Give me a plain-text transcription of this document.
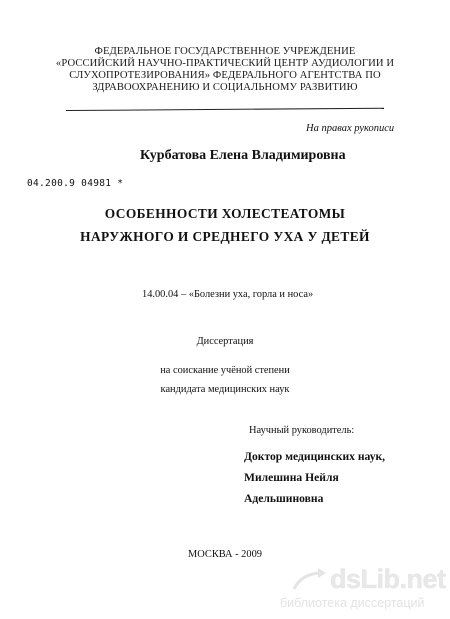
ФЕДЕРАЛЬНОЕ ГОСУДАРСТВЕННОЕ УЧРЕЖДЕНИЕ
«РОССИЙСКИЙ НАУЧНО-ПРАКТИЧЕСКИЙ ЦЕНТР АУДИОЛОГИИ И
СЛУХОПРОТЕЗИРОВАНИЯ» ФЕДЕРАЛЬНОГО АГЕНТСТВА ПО
ЗДРАВООХРАНЕНИЮ И СОЦИАЛЬНОМУ РАЗВИТИЮ
На правах рукописи
Курбатова Елена Владимировна
04.200.9 04981 *
ОСОБЕННОСТИ ХОЛЕСТЕАТОМЫ
НАРУЖНОГО И СРЕДНЕГО УХА У ДЕТЕЙ
14.00.04 – «Болезни уха, горла и носа»
Диссертация
на соискание учёной степени
кандидата медицинских наук
Научный руководитель:
Доктор медицинских наук,
Милешина Нейля
Адельшиновна
МОСКВА - 2009
dsLib.net
библиотека диссертаций
